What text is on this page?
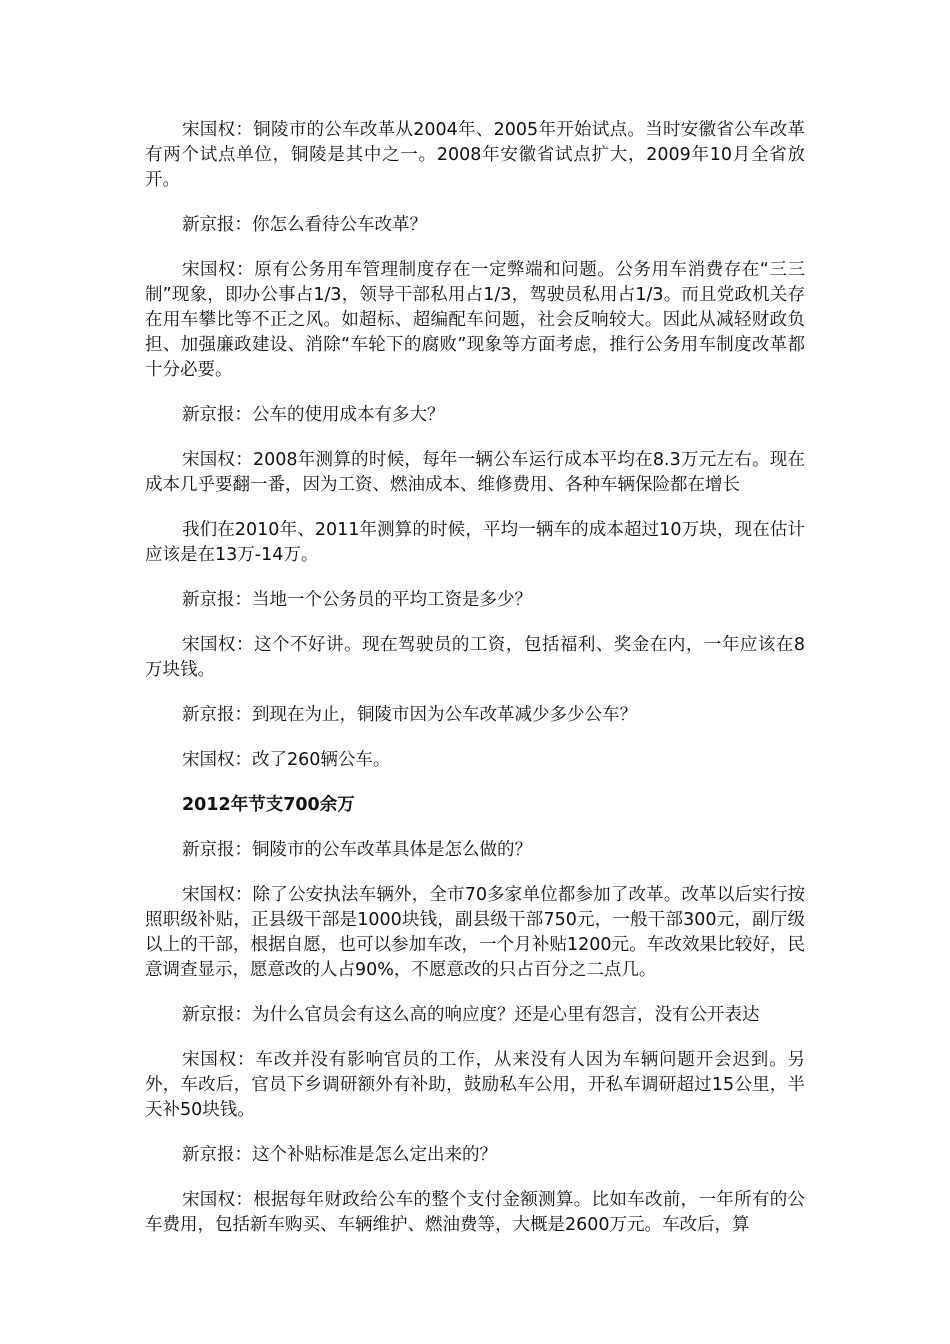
宋国权：铜陵市的公车改革从2004年、2005年开始试点。当时安徽省公车改革有两个试点单位，铜陵是其中之一。2008年安徽省试点扩大，2009年10月全省放开。

新京报：你怎么看待公车改革？

宋国权：原有公务用车管理制度存在一定弊端和问题。公务用车消费存在“三三制”现象，即办公事占1/3，领导干部私用占1/3，驾驶员私用占1/3。而且党政机关存在用车攀比等不正之风。如超标、超编配车问题，社会反响较大。因此从减轻财政负担、加强廉政建设、消除“车轮下的腐败”现象等方面考虑，推行公务用车制度改革都十分必要。

新京报：公车的使用成本有多大？

宋国权：2008年测算的时候，每年一辆公车运行成本平均在8.3万元左右。现在成本几乎要翻一番，因为工资、燃油成本、维修费用、各种车辆保险都在增长

我们在2010年、2011年测算的时候，平均一辆车的成本超过10万块，现在估计应该是在13万-14万。

新京报：当地一个公务员的平均工资是多少？

宋国权：这个不好讲。现在驾驶员的工资，包括福利、奖金在内，一年应该在8万块钱。

新京报：到现在为止，铜陵市因为公车改革减少多少公车？

宋国权：改了260辆公车。

2012年节支700余万

新京报：铜陵市的公车改革具体是怎么做的？

宋国权：除了公安执法车辆外，全市70多家单位都参加了改革。改革以后实行按照职级补贴，正县级干部是1000块钱，副县级干部750元，一般干部300元，副厅级以上的干部，根据自愿，也可以参加车改，一个月补贴1200元。车改效果比较好，民意调查显示，愿意改的人占90%，不愿意改的只占百分之二点几。

新京报：为什么官员会有这么高的响应度？还是心里有怨言，没有公开表达

宋国权：车改并没有影响官员的工作，从来没有人因为车辆问题开会迟到。另外，车改后，官员下乡调研额外有补助，鼓励私车公用，开私车调研超过15公里，半天补50块钱。

新京报：这个补贴标准是怎么定出来的？

宋国权：根据每年财政给公车的整个支付金额测算。比如车改前，一年所有的公车费用，包括新车购买、车辆维护、燃油费等，大概是2600万元。车改后，算
